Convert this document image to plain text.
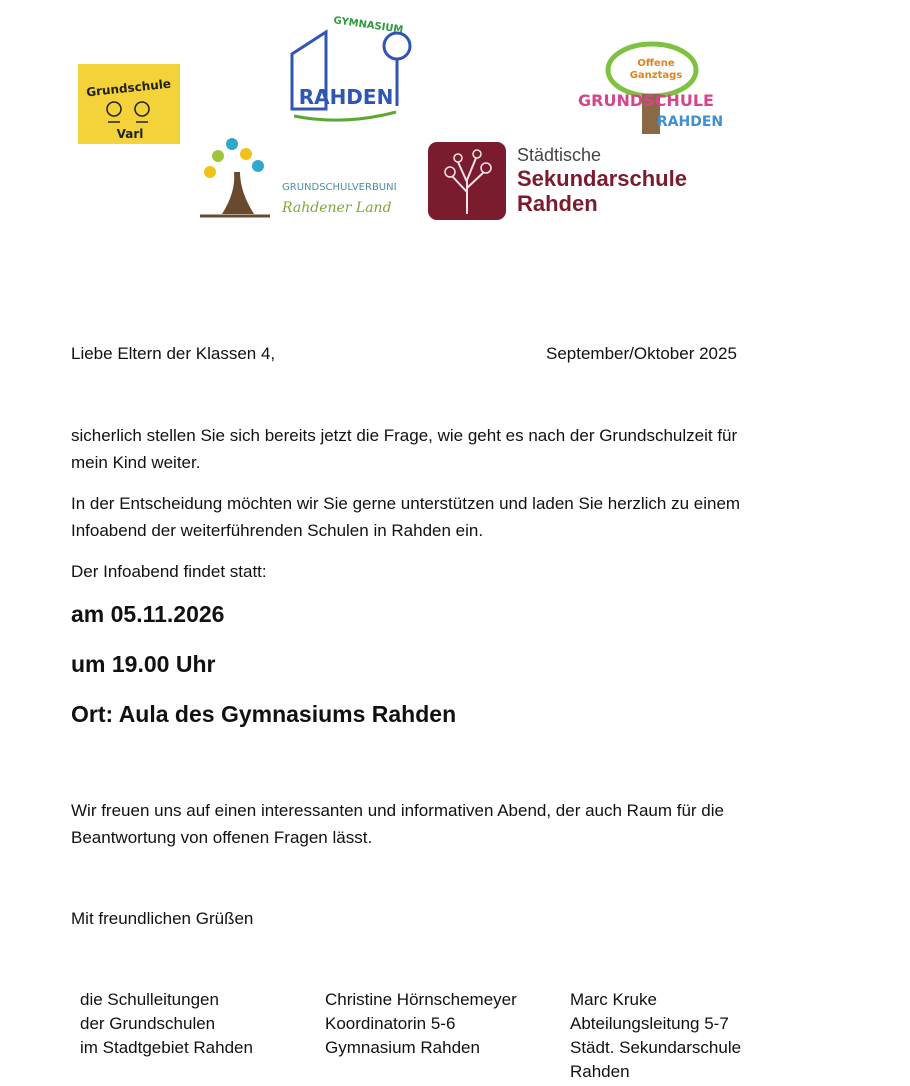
Grundschule
Varl
GYMNASIUM
RAHDEN
Offene
Ganztags
GRUNDSCHULE
RAHDEN
GRUNDSCHULVERBUND
Rahdener Land
Städtische
Sekundarschule
Rahden

Liebe Eltern der Klassen 4,	September/Oktober 2025

sicherlich stellen Sie sich bereits jetzt die Frage, wie geht es nach der Grundschulzeit für

mein Kind weiter.

In der Entscheidung möchten wir Sie gerne unterstützen und laden Sie herzlich zu einem

Infoabend der weiterführenden Schulen in Rahden ein.

Der Infoabend findet statt:

am 05.11.2026

um 19.00 Uhr

Ort: Aula des Gymnasiums Rahden

Wir freuen uns auf einen interessanten und informativen Abend, der auch Raum für die

Beantwortung von offenen Fragen lässt.

Mit freundlichen Grüßen

die Schulleitungen
der Grundschulen
im Stadtgebiet Rahden
Christine Hörnschemeyer
Koordinatorin 5-6
Gymnasium Rahden
Marc Kruke
Abteilungsleitung 5-7
Städt. Sekundarschule
Rahden
